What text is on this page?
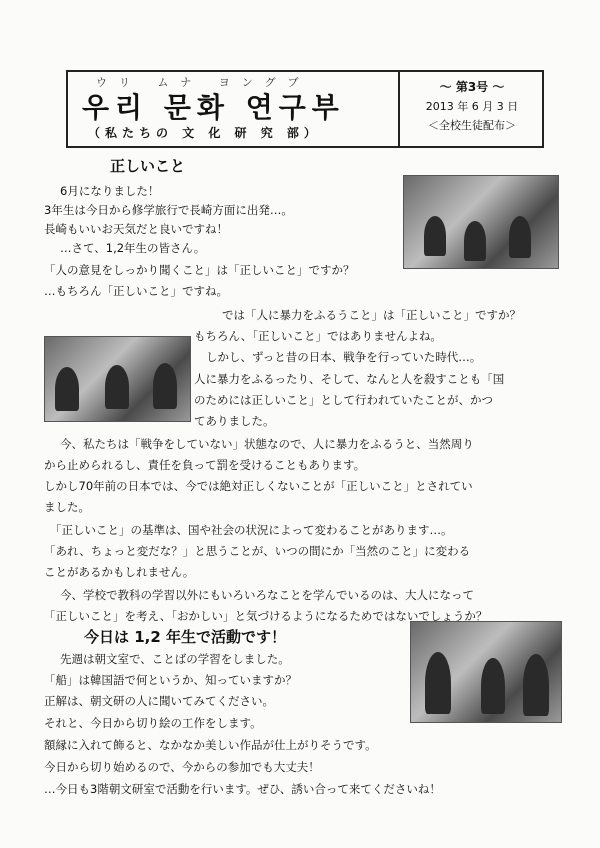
ウリ ムナ ヨングブ
우리 문화 연구부
（私たちの 文 化 研 究 部）
～ 第3号 ～
2013 年 6 月 3 日
＜全校生徒配布＞
正しいこと
6月になりました！
3年生は今日から修学旅行で長崎方面に出発…。
長崎もいいお天気だと良いですね！
…さて、1,2年生の皆さん。
「人の意見をしっかり聞くこと」は「正しいこと」ですか？
…もちろん「正しいこと」ですね。
では「人に暴力をふるうこと」は「正しいこと」ですか？
もちろん、「正しいこと」ではありませんよね。
しかし、ずっと昔の日本、戦争を行っていた時代…。
人に暴力をふるったり、そして、なんと人を殺すことも「国
のためには正しいこと」として行われていたことが、かつ
てありました。
今、私たちは「戦争をしていない」状態なので、人に暴力をふるうと、当然周り
から止められるし、責任を負って罰を受けることもあります。
しかし70年前の日本では、今では絶対正しくないことが「正しいこと」とされてい
ました。
「正しいこと」の基準は、国や社会の状況によって変わることがあります…。
「あれ、ちょっと変だな？」と思うことが、いつの間にか「当然のこと」に変わる
ことがあるかもしれません。
今、学校で教科の学習以外にもいろいろなことを学んでいるのは、大人になって
「正しいこと」を考え、「おかしい」と気づけるようになるためではないでしょうか？
今日は 1,2 年生で活動です！
先週は朝文室で、ことばの学習をしました。
「船」は韓国語で何というか、知っていますか？
正解は、朝文研の人に聞いてみてください。
それと、今日から切り絵の工作をします。
額縁に入れて飾ると、なかなか美しい作品が仕上がりそうです。
今日から切り始めるので、今からの参加でも大丈夫！
…今日も3階朝文研室で活動を行います。ぜひ、誘い合って来てくださいね！
